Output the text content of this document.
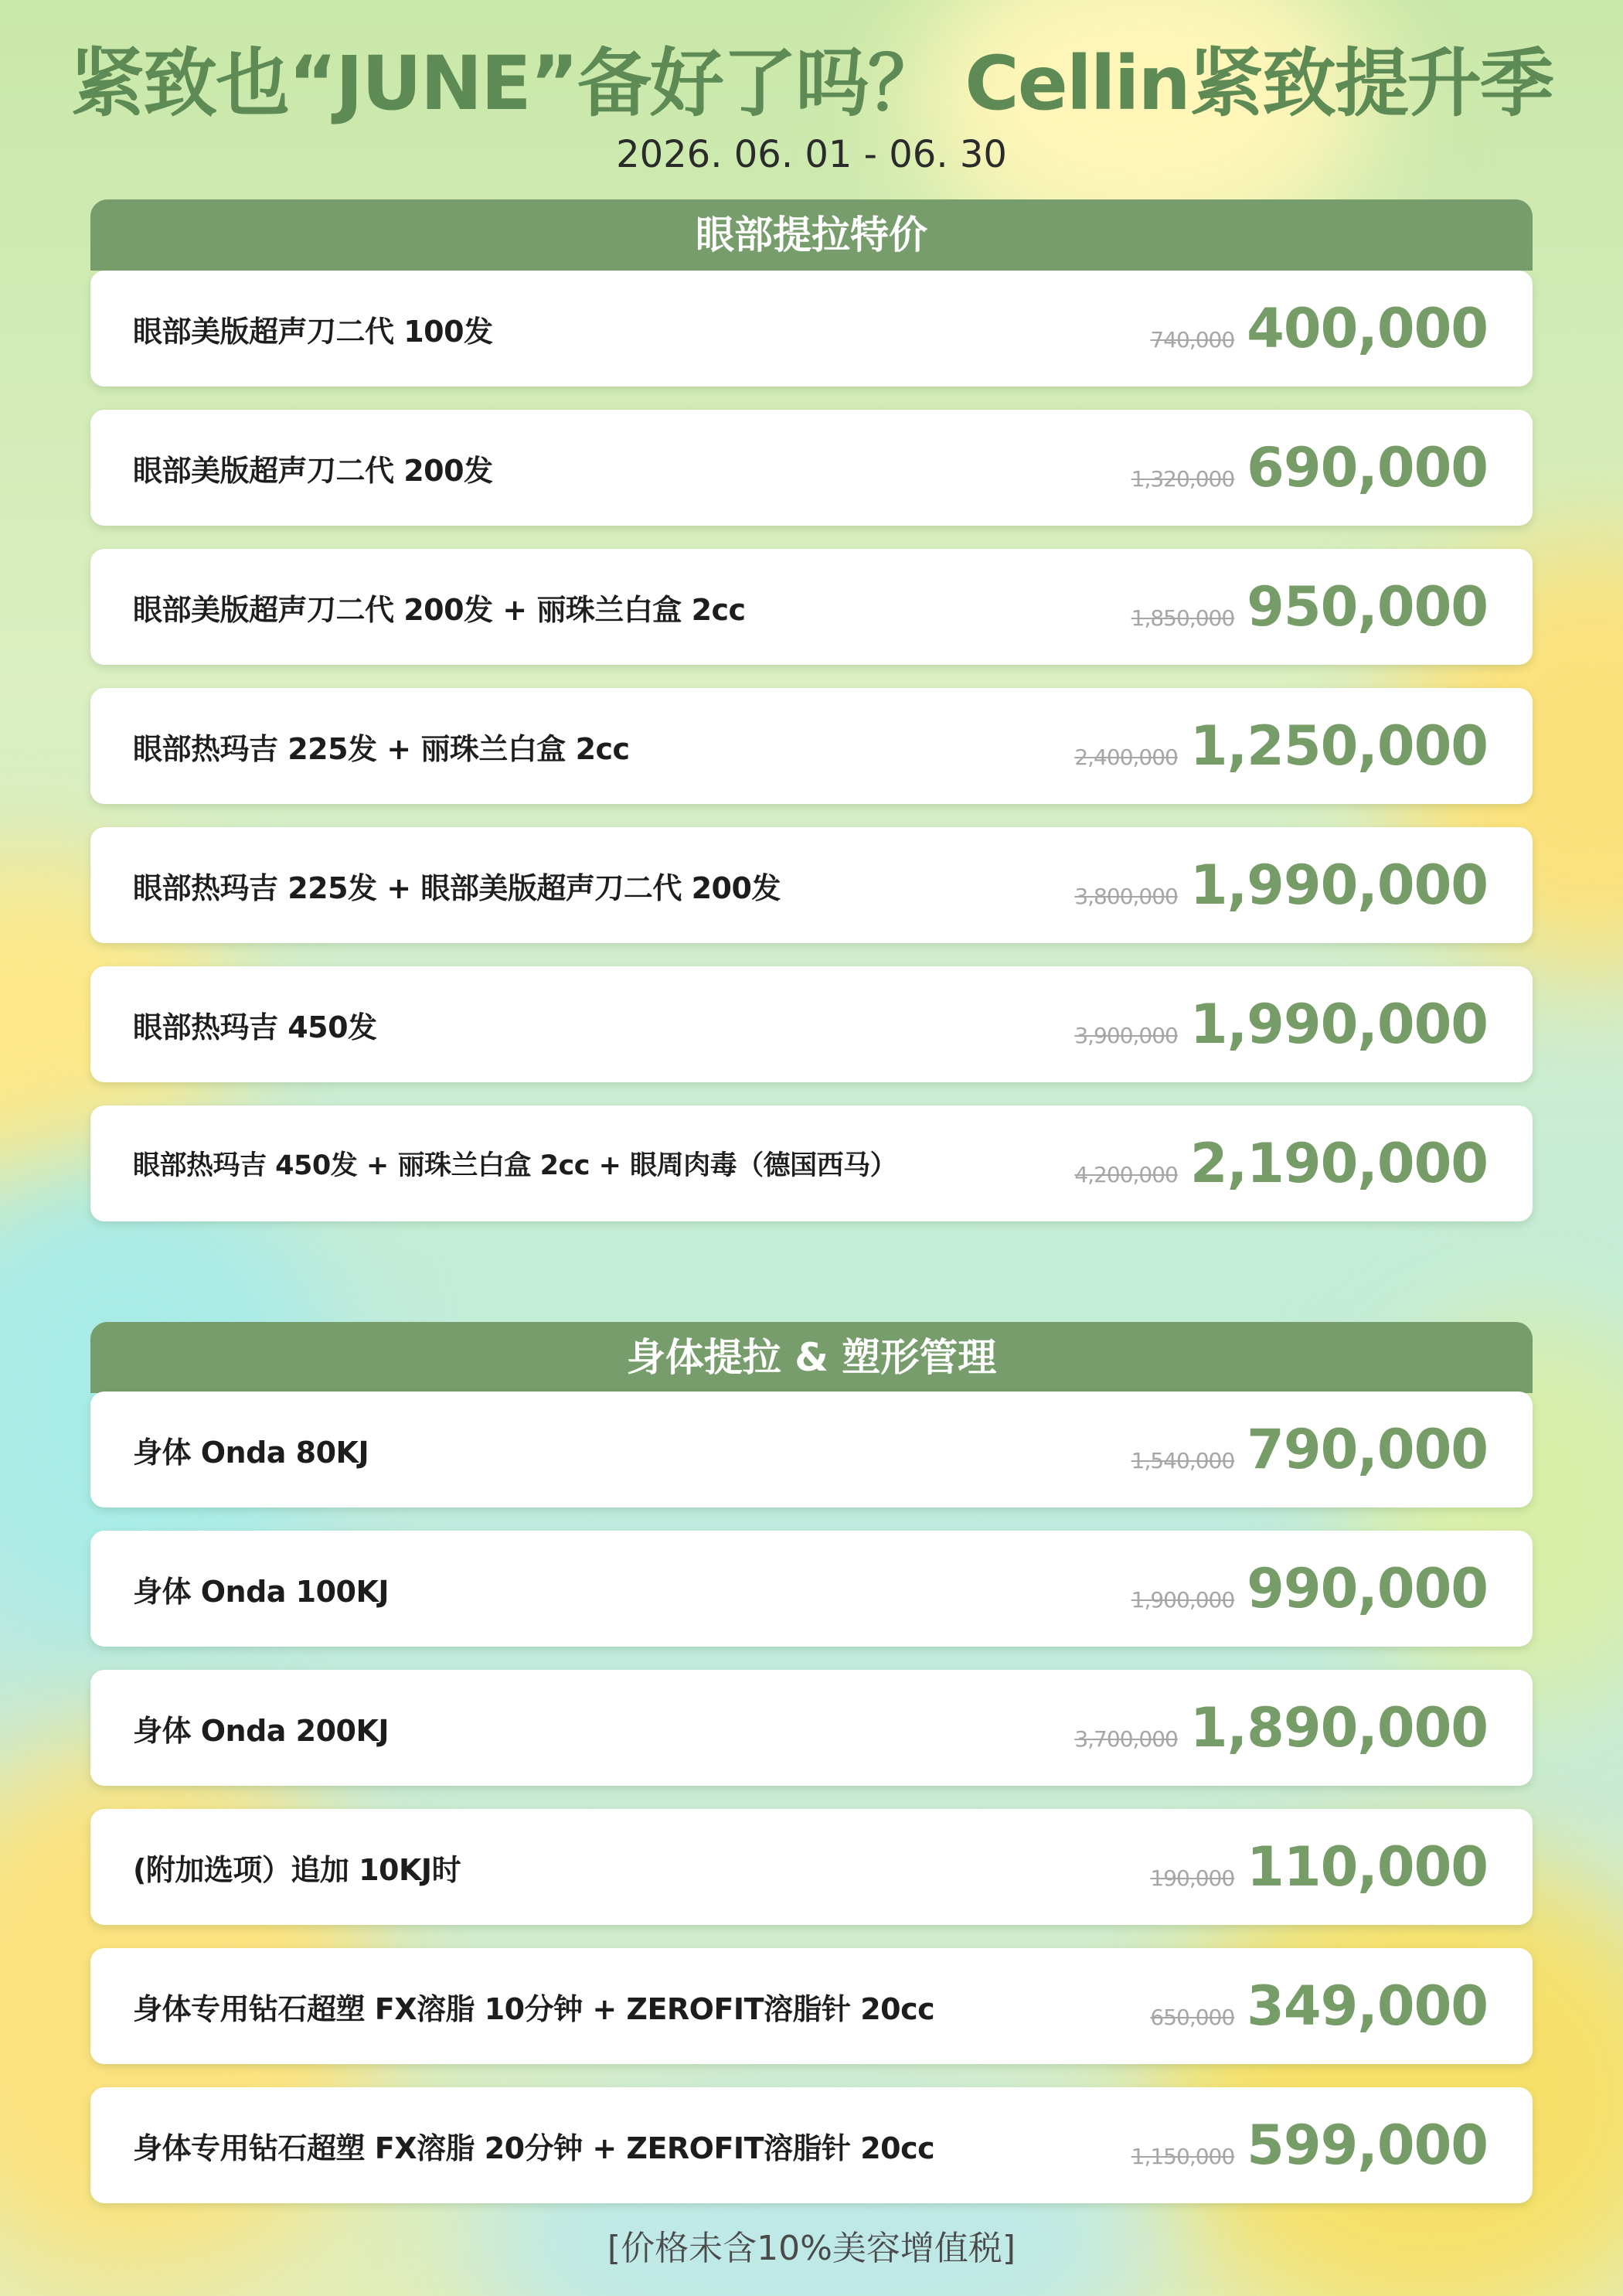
紧致也“JUNE”备好了吗？ Cellin紧致提升季
2026. 06. 01 - 06. 30
眼部提拉特价
眼部美版超声刀二代 100发	740,000 400,000
眼部美版超声刀二代 200发	1,320,000 690,000
眼部美版超声刀二代 200发 + 丽珠兰白盒 2cc	1,850,000 950,000
眼部热玛吉 225发 + 丽珠兰白盒 2cc	2,400,000 1,250,000
眼部热玛吉 225发 + 眼部美版超声刀二代 200发	3,800,000 1,990,000
眼部热玛吉 450发	3,900,000 1,990,000
眼部热玛吉 450发 + 丽珠兰白盒 2cc + 眼周肉毒（德国西马）	4,200,000 2,190,000
身体提拉 & 塑形管理
身体 Onda 80KJ	1,540,000 790,000
身体 Onda 100KJ	1,900,000 990,000
身体 Onda 200KJ	3,700,000 1,890,000
(附加选项）追加 10KJ时	190,000 110,000
身体专用钻石超塑 FX溶脂 10分钟 + ZEROFIT溶脂针 20cc	650,000 349,000
身体专用钻石超塑 FX溶脂 20分钟 + ZEROFIT溶脂针 20cc	1,150,000 599,000
[价格未含10%美容增值税]
